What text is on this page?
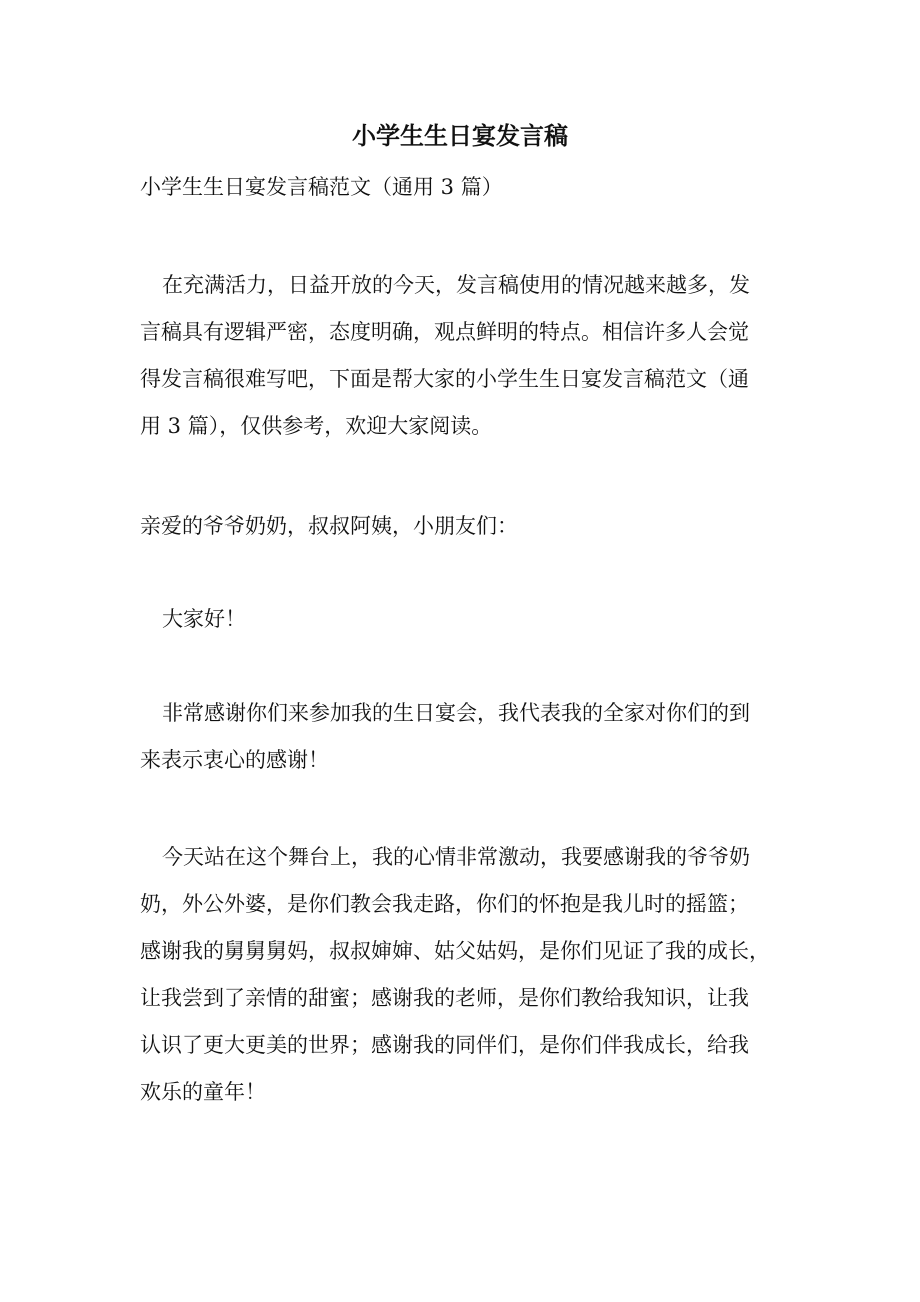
小学生生日宴发言稿
小学生生日宴发言稿范文（通用 3 篇）
在充满活力，日益开放的今天，发言稿使用的情况越来越多，发
言稿具有逻辑严密，态度明确，观点鲜明的特点。相信许多人会觉
得发言稿很难写吧，下面是帮大家的小学生生日宴发言稿范文（通
用 3 篇），仅供参考，欢迎大家阅读。
亲爱的爷爷奶奶，叔叔阿姨，小朋友们：
大家好！
非常感谢你们来参加我的生日宴会，我代表我的全家对你们的到
来表示衷心的感谢！
今天站在这个舞台上，我的心情非常激动，我要感谢我的爷爷奶
奶，外公外婆，是你们教会我走路，你们的怀抱是我儿时的摇篮；
感谢我的舅舅舅妈，叔叔婶婶、姑父姑妈，是你们见证了我的成长，
让我尝到了亲情的甜蜜；感谢我的老师，是你们教给我知识，让我
认识了更大更美的世界；感谢我的同伴们，是你们伴我成长，给我
欢乐的童年！
